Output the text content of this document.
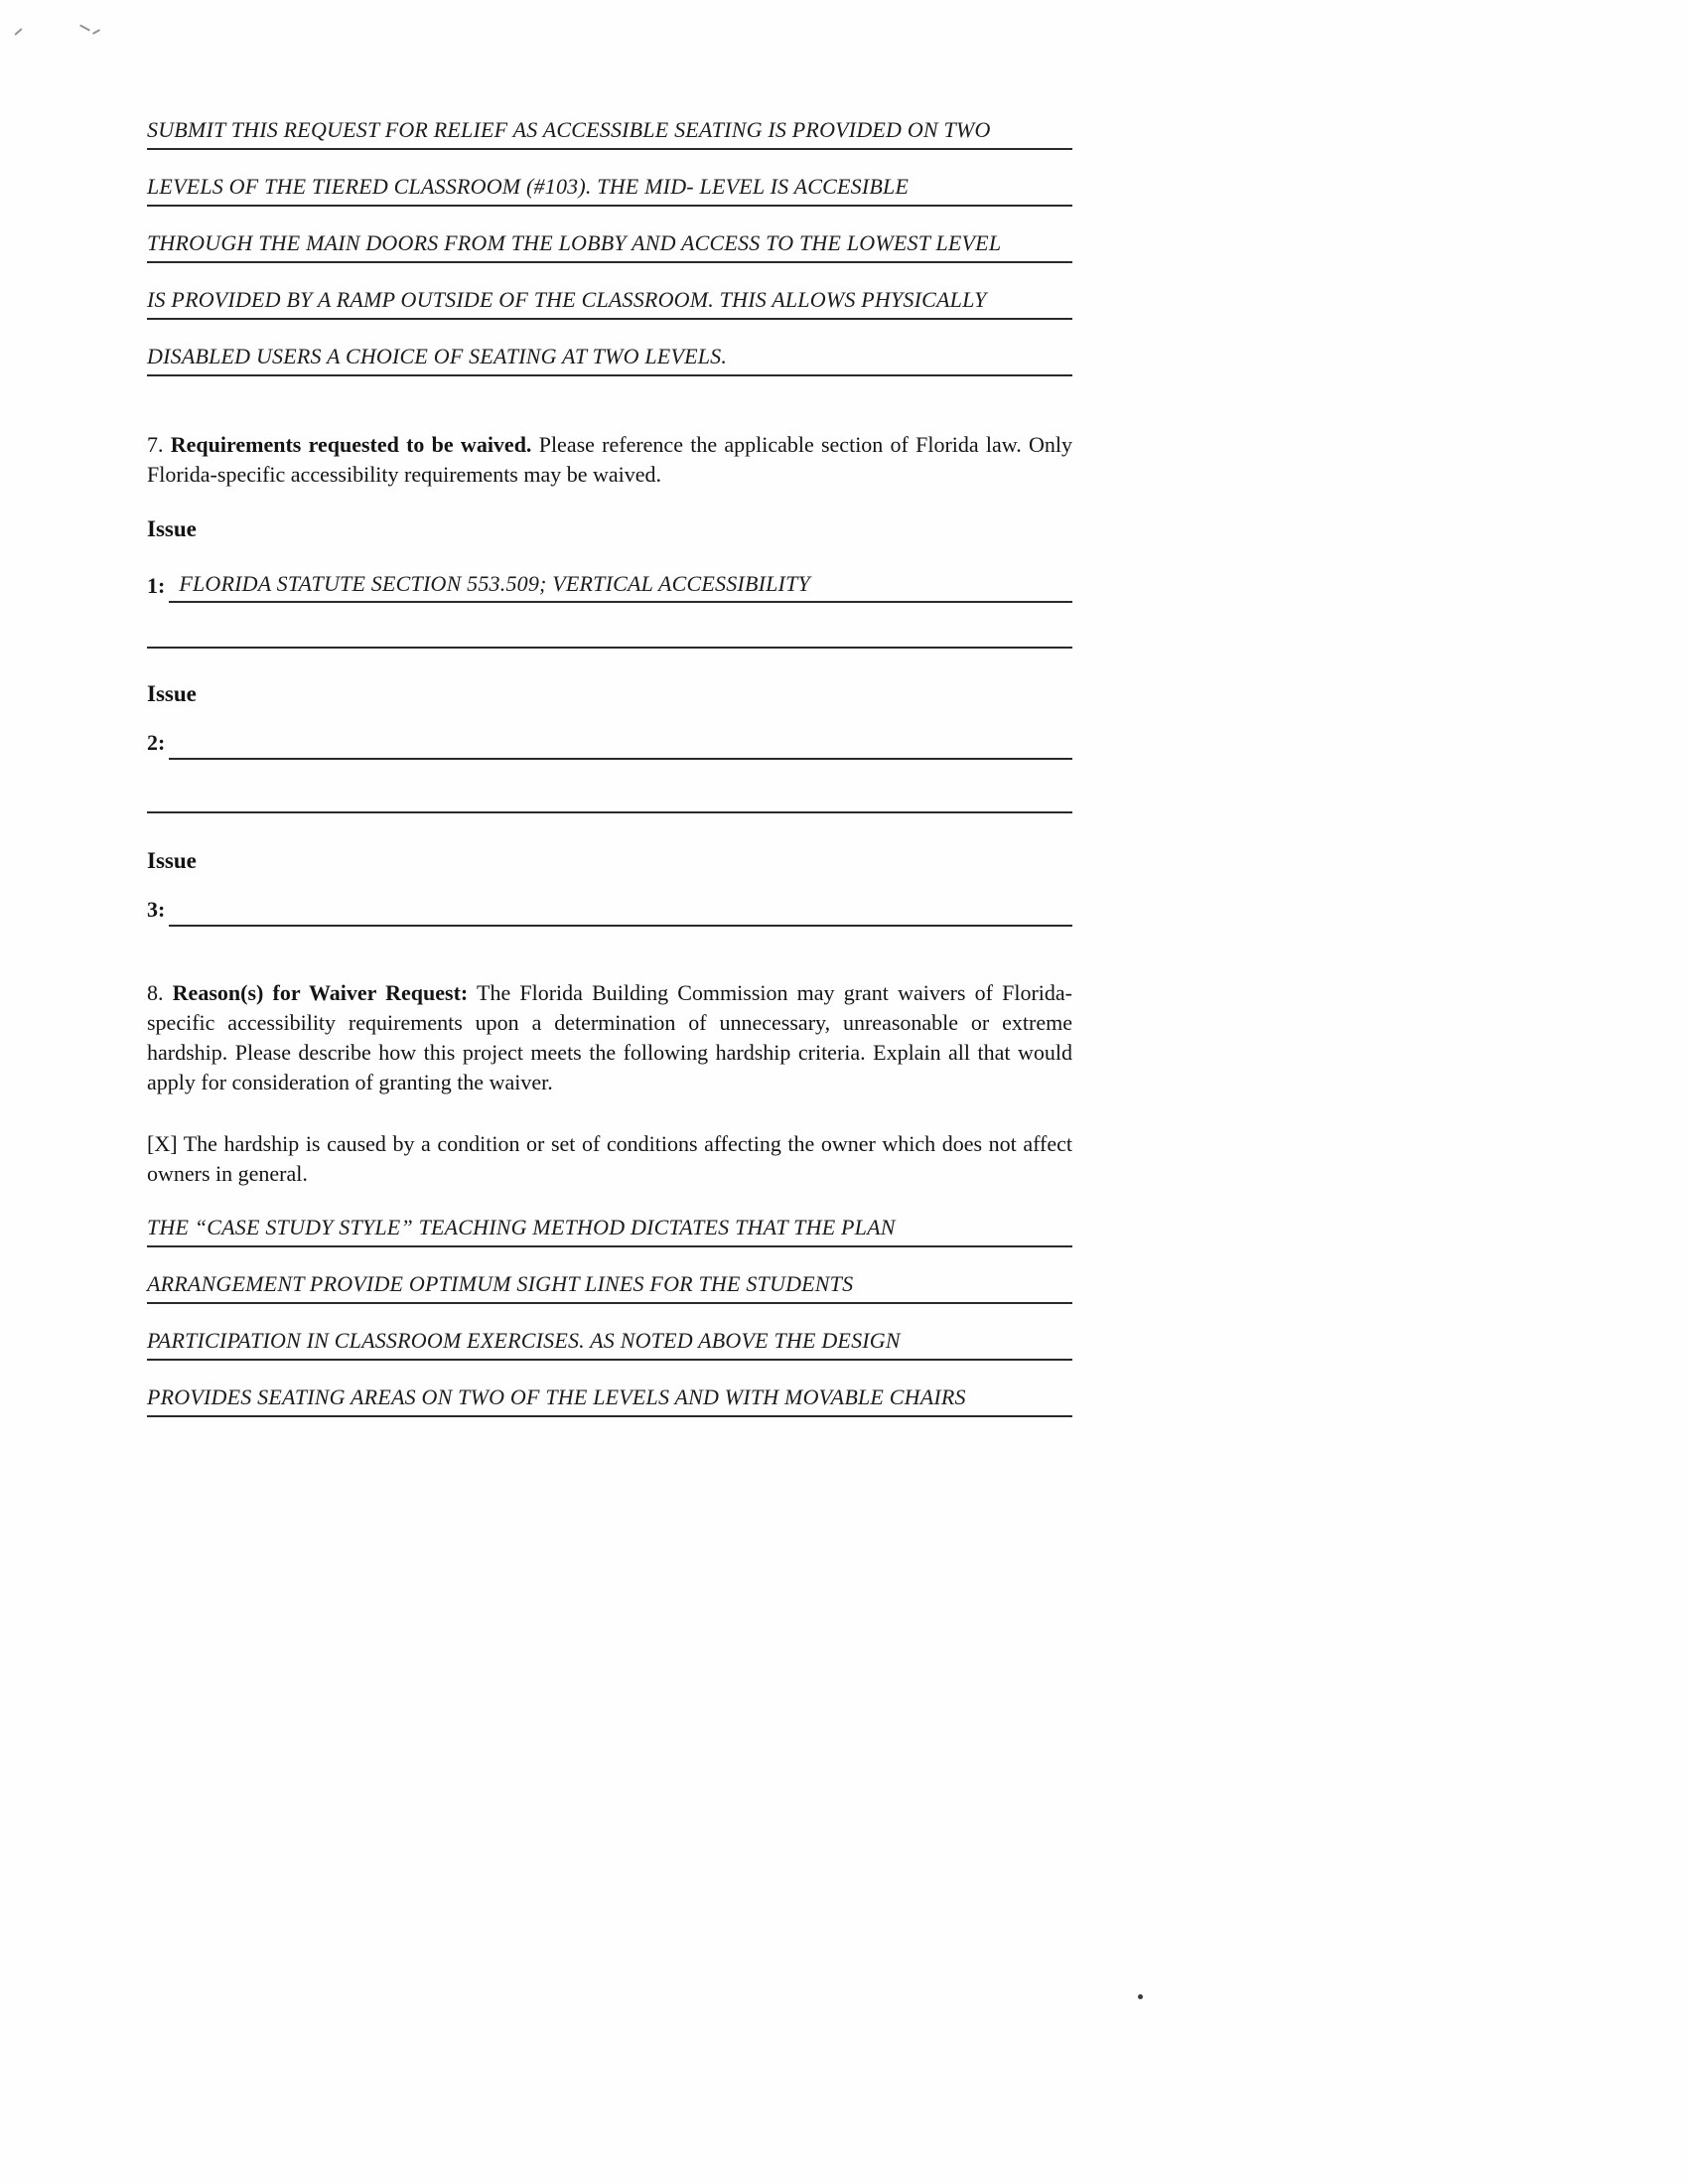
SUBMIT THIS REQUEST FOR RELIEF AS ACCESSIBLE SEATING IS PROVIDED ON TWO
LEVELS OF THE TIERED CLASSROOM (#103). THE MID- LEVEL IS ACCESIBLE
THROUGH THE MAIN DOORS FROM THE LOBBY AND ACCESS TO THE LOWEST LEVEL
IS PROVIDED BY A RAMP OUTSIDE OF THE CLASSROOM. THIS ALLOWS PHYSICALLY
DISABLED USERS A CHOICE OF SEATING AT TWO LEVELS.

7. Requirements requested to be waived. Please reference the applicable section of Florida law. Only Florida-specific accessibility requirements may be waived.

Issue
1: FLORIDA STATUTE SECTION 553.509; VERTICAL ACCESSIBILITY
Issue
2:
Issue
3:

8. Reason(s) for Waiver Request: The Florida Building Commission may grant waivers of Florida-specific accessibility requirements upon a determination of unnecessary, unreasonable or extreme hardship. Please describe how this project meets the following hardship criteria. Explain all that would apply for consideration of granting the waiver.

[X] The hardship is caused by a condition or set of conditions affecting the owner which does not affect owners in general.

THE “CASE STUDY STYLE” TEACHING METHOD DICTATES THAT THE PLAN
ARRANGEMENT PROVIDE OPTIMUM SIGHT LINES FOR THE STUDENTS
PARTICIPATION IN CLASSROOM EXERCISES. AS NOTED ABOVE THE DESIGN
PROVIDES SEATING AREAS ON TWO OF THE LEVELS AND WITH MOVABLE CHAIRS
